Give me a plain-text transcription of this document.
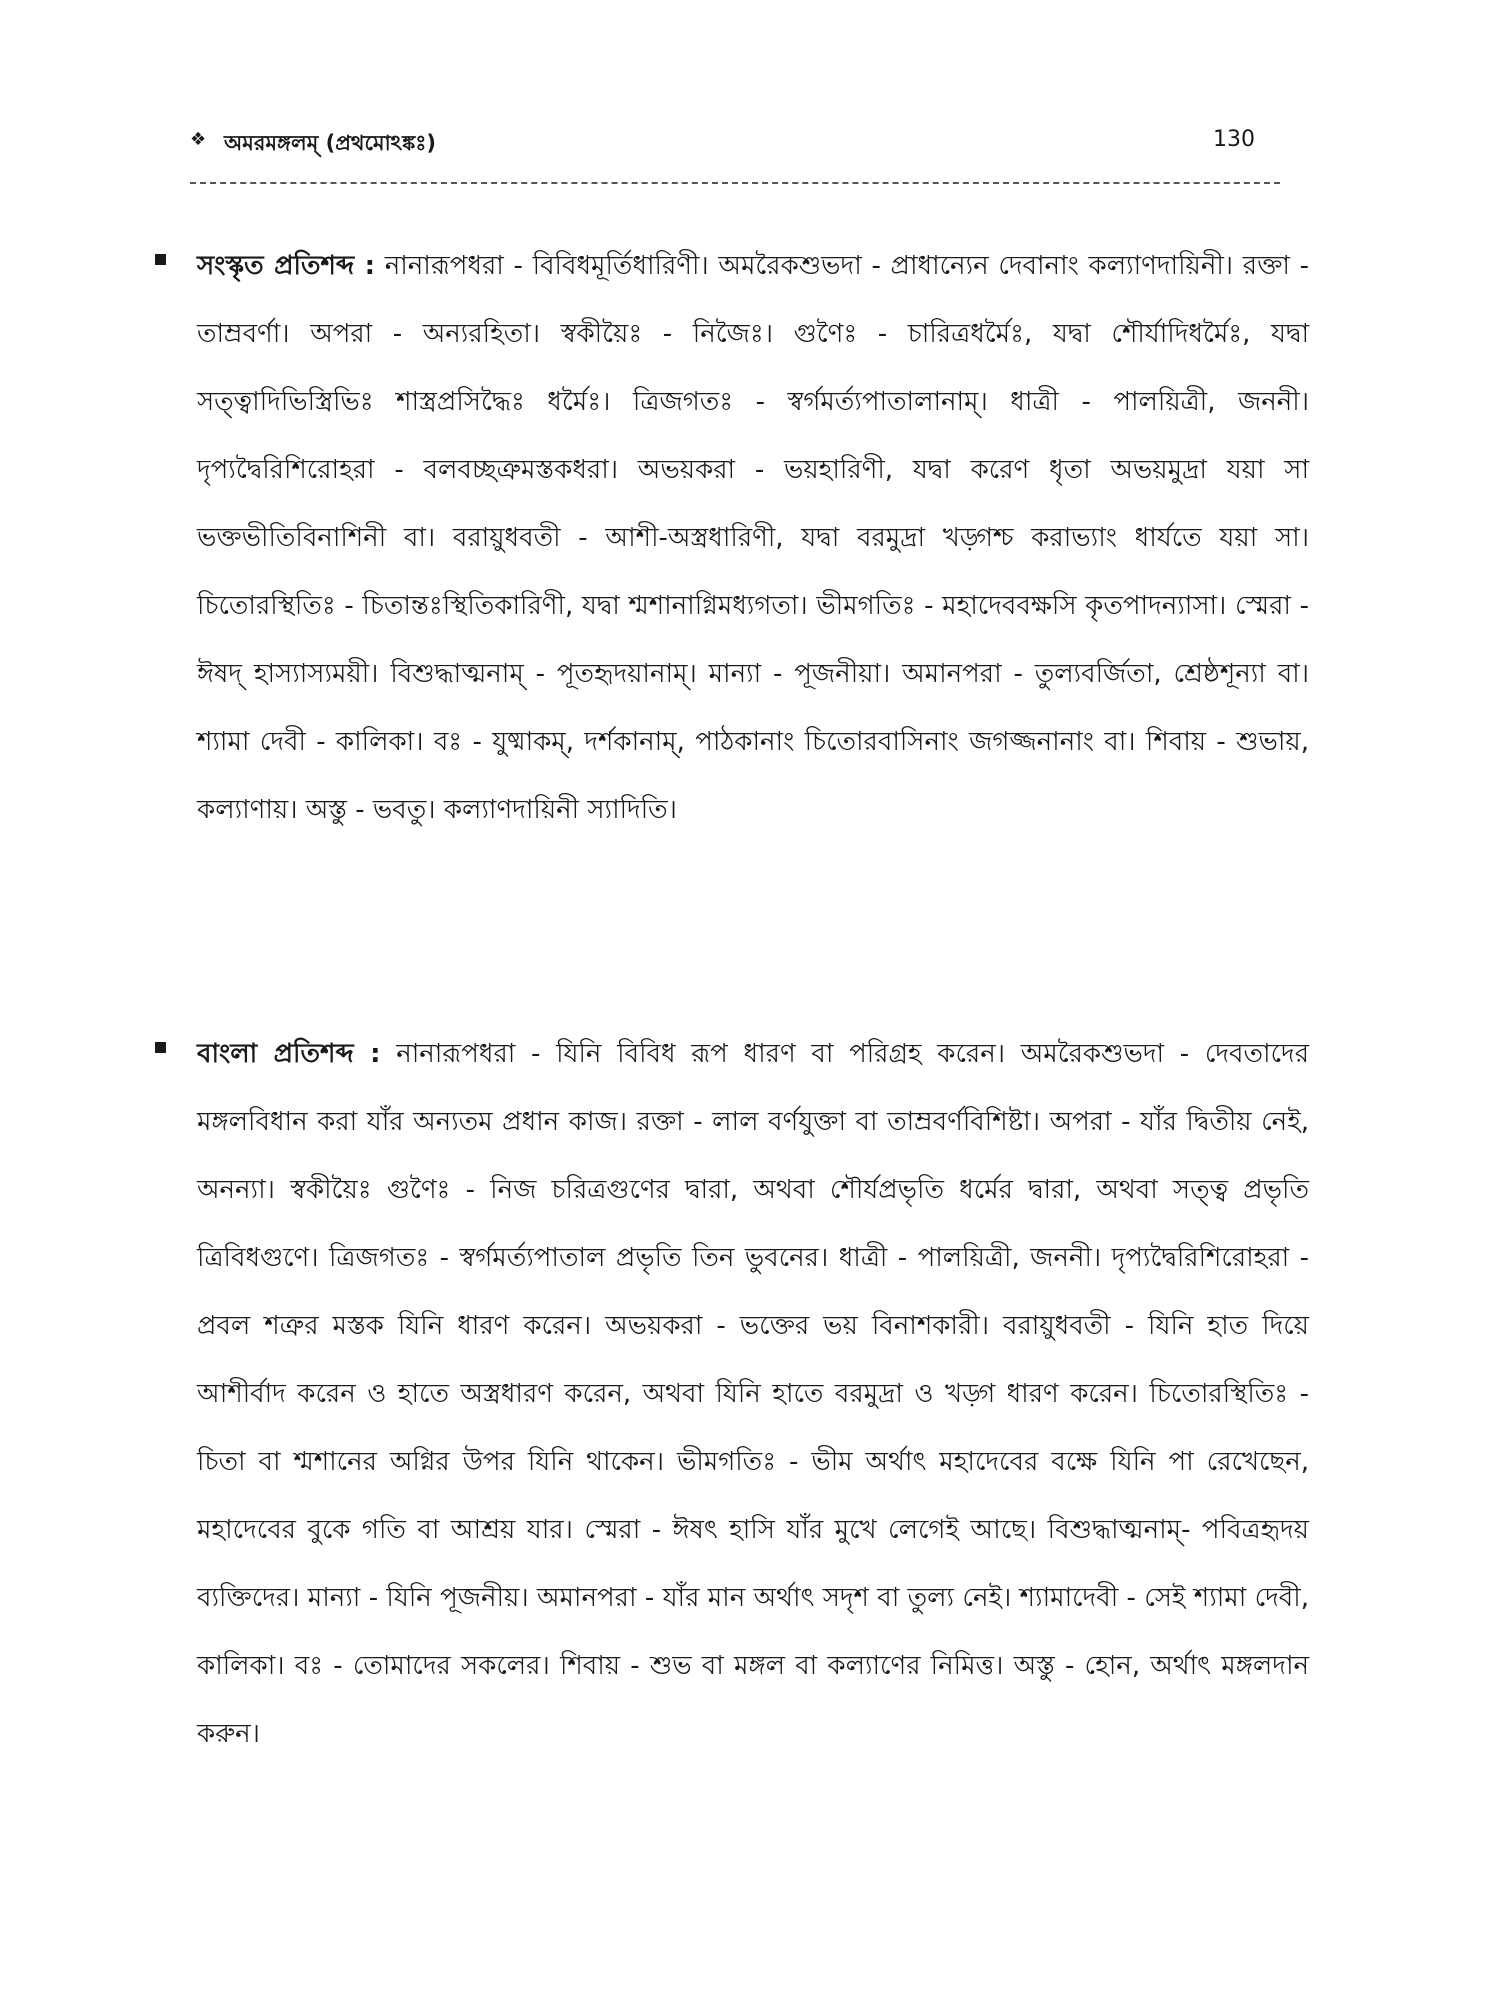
❖ অমরমঙ্গলম্ (প্রথমোঽঙ্কঃ)	130

সংস্কৃত প্রতিশব্দ : নানারূপধরা - বিবিধমূর্তিধারিণী। অমরৈকশুভদা - প্রাধান্যেন দেবানাং কল্যাণদায়িনী। রক্তা - তাম্রবর্ণা। অপরা - অন্যরহিতা। স্বকীয়ৈঃ - নিজৈঃ। গুণৈঃ - চারিত্রধর্মৈঃ, যদ্বা শৌর্যাদিধর্মৈঃ, যদ্বা সত্ত্বাদিভিস্ত্রিভিঃ শাস্ত্রপ্রসিদ্ধৈঃ ধর্মৈঃ। ত্রিজগতঃ - স্বর্গমর্ত্যপাতালানাম্। ধাত্রী - পালয়িত্রী, জননী। দৃপ্যদ্বৈরিশিরোহরা - বলবচ্ছত্রুমস্তকধরা। অভয়করা - ভয়হারিণী, যদ্বা করেণ ধৃতা অভয়মুদ্রা যয়া সা ভক্তভীতিবিনাশিনী বা। বরায়ুধবতী - আশী-অস্ত্রধারিণী, যদ্বা বরমুদ্রা খড়্গশ্চ করাভ্যাং ধার্যতে যয়া সা। চিতোরস্থিতিঃ - চিতান্তঃস্থিতিকারিণী, যদ্বা শ্মশানাগ্নিমধ্যগতা। ভীমগতিঃ - মহাদেববক্ষসি কৃতপাদন্যাসা। স্মেরা - ঈষদ্ হাস্যাস্যময়ী। বিশুদ্ধাত্মনাম্ - পূতহৃদয়ানাম্। মান্যা - পূজনীয়া। অমানপরা - তুল্যবর্জিতা, শ্রেষ্ঠশূন্যা বা। শ্যামা দেবী - কালিকা। বঃ - যুষ্মাকম্, দর্শকানাম্, পাঠকানাং চিতোরবাসিনাং জগজ্জনানাং বা। শিবায় - শুভায়, কল্যাণায়। অস্তু - ভবতু। কল্যাণদায়িনী স্যাদিতি।

বাংলা প্রতিশব্দ : নানারূপধরা - যিনি বিবিধ রূপ ধারণ বা পরিগ্রহ করেন। অমরৈকশুভদা - দেবতাদের মঙ্গলবিধান করা যাঁর অন্যতম প্রধান কাজ। রক্তা - লাল বর্ণযুক্তা বা তাম্রবর্ণবিশিষ্টা। অপরা - যাঁর দ্বিতীয় নেই, অনন্যা। স্বকীয়ৈঃ গুণৈঃ - নিজ চরিত্রগুণের দ্বারা, অথবা শৌর্যপ্রভৃতি ধর্মের দ্বারা, অথবা সত্ত্ব প্রভৃতি ত্রিবিধগুণে। ত্রিজগতঃ - স্বর্গমর্ত্যপাতাল প্রভৃতি তিন ভুবনের। ধাত্রী - পালয়িত্রী, জননী। দৃপ্যদ্বৈরিশিরোহরা - প্রবল শত্রুর মস্তক যিনি ধারণ করেন। অভয়করা - ভক্তের ভয় বিনাশকারী। বরায়ুধবতী - যিনি হাত দিয়ে আশীর্বাদ করেন ও হাতে অস্ত্রধারণ করেন, অথবা যিনি হাতে বরমুদ্রা ও খড়্গ ধারণ করেন। চিতোরস্থিতিঃ - চিতা বা শ্মশানের অগ্নির উপর যিনি থাকেন। ভীমগতিঃ - ভীম অর্থাৎ মহাদেবের বক্ষে যিনি পা রেখেছেন, মহাদেবের বুকে গতি বা আশ্রয় যার। স্মেরা - ঈষৎ হাসি যাঁর মুখে লেগেই আছে। বিশুদ্ধাত্মনাম্- পবিত্রহৃদয় ব্যক্তিদের। মান্যা - যিনি পূজনীয়। অমানপরা - যাঁর মান অর্থাৎ সদৃশ বা তুল্য নেই। শ্যামাদেবী - সেই শ্যামা দেবী, কালিকা। বঃ - তোমাদের সকলের। শিবায় - শুভ বা মঙ্গল বা কল্যাণের নিমিত্ত। অস্তু - হোন, অর্থাৎ মঙ্গলদান করুন।
